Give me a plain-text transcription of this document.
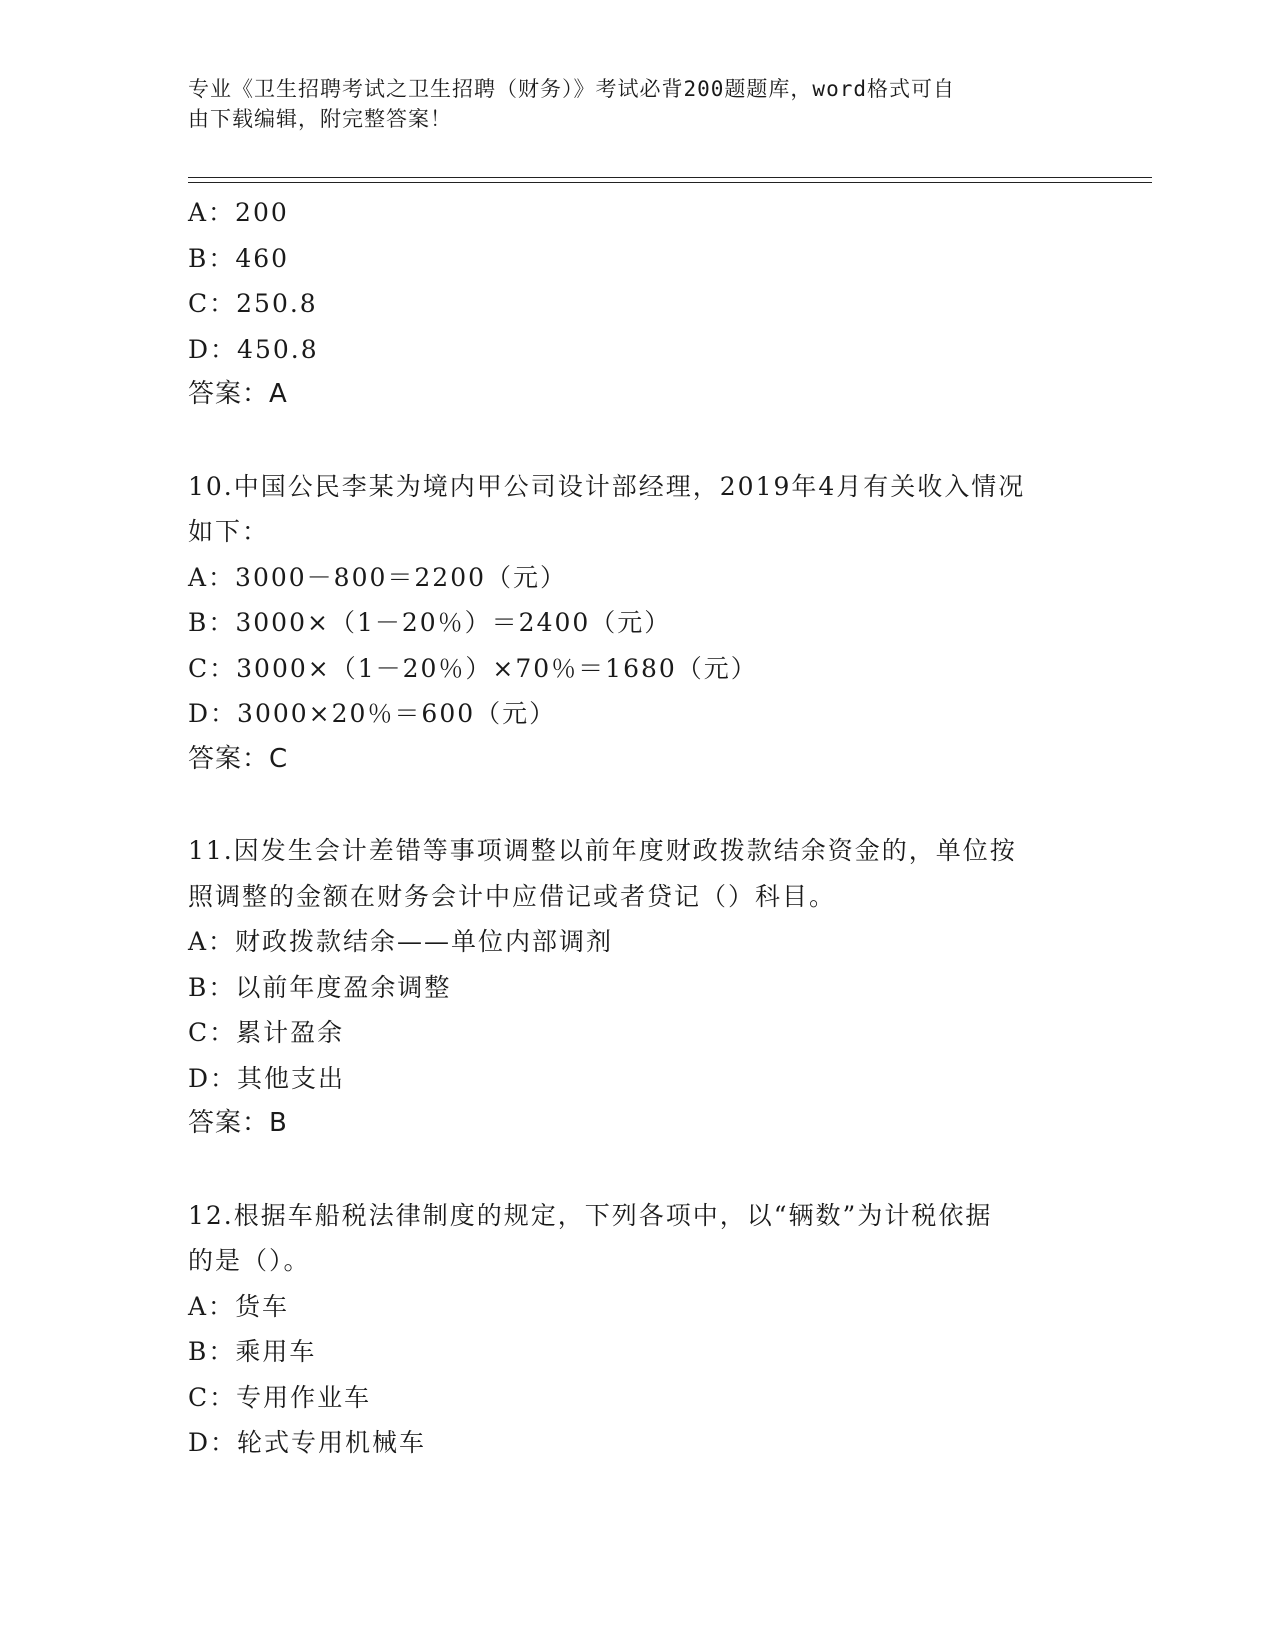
专业《卫生招聘考试之卫生招聘（财务）》考试必背200题题库，word格式可自
由下载编辑，附完整答案！
A：200
B：460
C：250.8
D：450.8
答案：A
10.中国公民李某为境内甲公司设计部经理，2019年4月有关收入情况
如下：
A：3000－800＝2200（元）
B：3000×（1－20％）＝2400（元）
C：3000×（1－20％）×70％＝1680（元）
D：3000×20％＝600（元）
答案：C
11.因发生会计差错等事项调整以前年度财政拨款结余资金的，单位按
照调整的金额在财务会计中应借记或者贷记（）科目。
A：财政拨款结余——单位内部调剂
B：以前年度盈余调整
C：累计盈余
D：其他支出
答案：B
12.根据车船税法律制度的规定，下列各项中，以“辆数”为计税依据
的是（）。
A：货车
B：乘用车
C：专用作业车
D：轮式专用机械车
